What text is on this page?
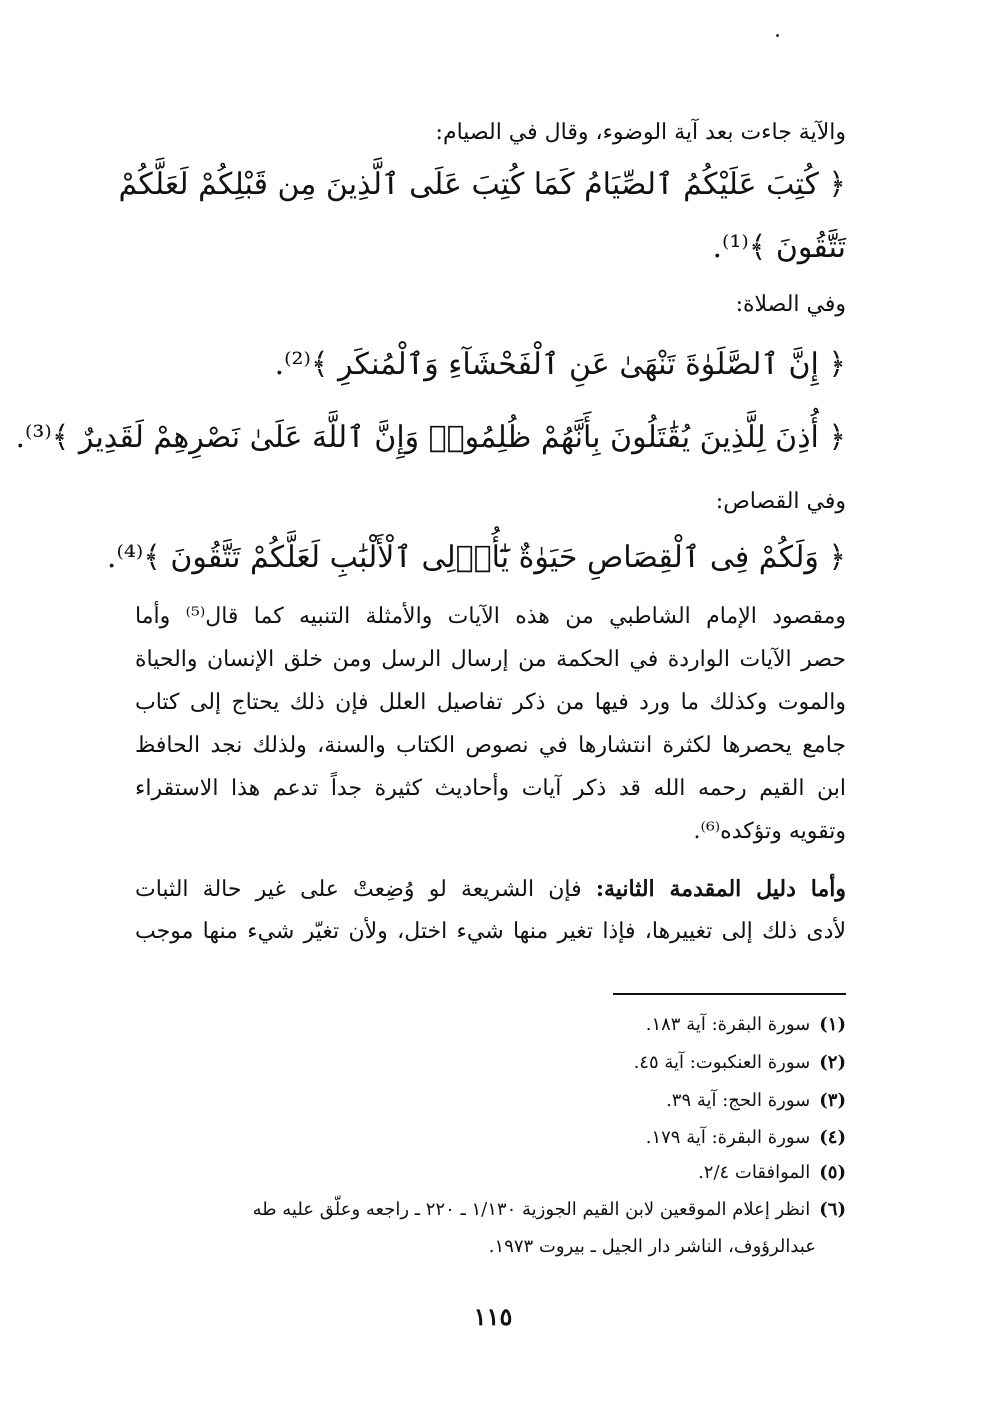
والآية جاءت بعد آية الوضوء، وقال في الصيام:
﴿ كُتِبَ عَلَيْكُمُ ٱلصِّيَامُ كَمَا كُتِبَ عَلَى ٱلَّذِينَ مِن قَبْلِكُمْ لَعَلَّكُمْ
تَتَّقُونَ ﴾⁽¹⁾.
وفي الصلاة:
﴿ إِنَّ ٱلصَّلَوٰةَ تَنْهَىٰ عَنِ ٱلْفَحْشَآءِ وَٱلْمُنكَرِ ﴾⁽²⁾.
﴿ أُذِنَ لِلَّذِينَ يُقَٰتَلُونَ بِأَنَّهُمْ ظُلِمُوا۟ وَإِنَّ ٱللَّهَ عَلَىٰ نَصْرِهِمْ لَقَدِيرٌ ﴾⁽³⁾.
وفي القصاص:
﴿ وَلَكُمْ فِى ٱلْقِصَاصِ حَيَوٰةٌ يَٰٓأُو۟لِى ٱلْأَلْبَٰبِ لَعَلَّكُمْ تَتَّقُونَ ﴾⁽⁴⁾.
ومقصود الإمام الشاطبي من هذه الآيات والأمثلة التنبيه كما قال⁽⁵⁾ وأما
حصر الآيات الواردة في الحكمة من إرسال الرسل ومن خلق الإنسان والحياة
والموت وكذلك ما ورد فيها من ذكر تفاصيل العلل فإن ذلك يحتاج إلى كتاب
جامع يحصرها لكثرة انتشارها في نصوص الكتاب والسنة، ولذلك نجد الحافظ
ابن القيم رحمه الله قد ذكر آيات وأحاديث كثيرة جداً تدعم هذا الاستقراء
وتقويه وتؤكده⁽⁶⁾.
وأما دليل المقدمة الثانية: فإن الشريعة لو وُضِعتْ على غير حالة الثبات
لأدى ذلك إلى تغييرها، فإذا تغير منها شيء اختل، ولأن تغيّر شيء منها موجب
(١) سورة البقرة: آية ١٨٣.
(٢) سورة العنكبوت: آية ٤٥.
(٣) سورة الحج: آية ٣٩.
(٤) سورة البقرة: آية ١٧٩.
(٥) الموافقات ٢/٤.
(٦) انظر إعلام الموقعين لابن القيم الجوزية ١/١٣٠ ـ ٢٢٠ ـ راجعه وعلّق عليه طه
عبدالرؤوف، الناشر دار الجيل ـ بيروت ١٩٧٣.
١١٥
